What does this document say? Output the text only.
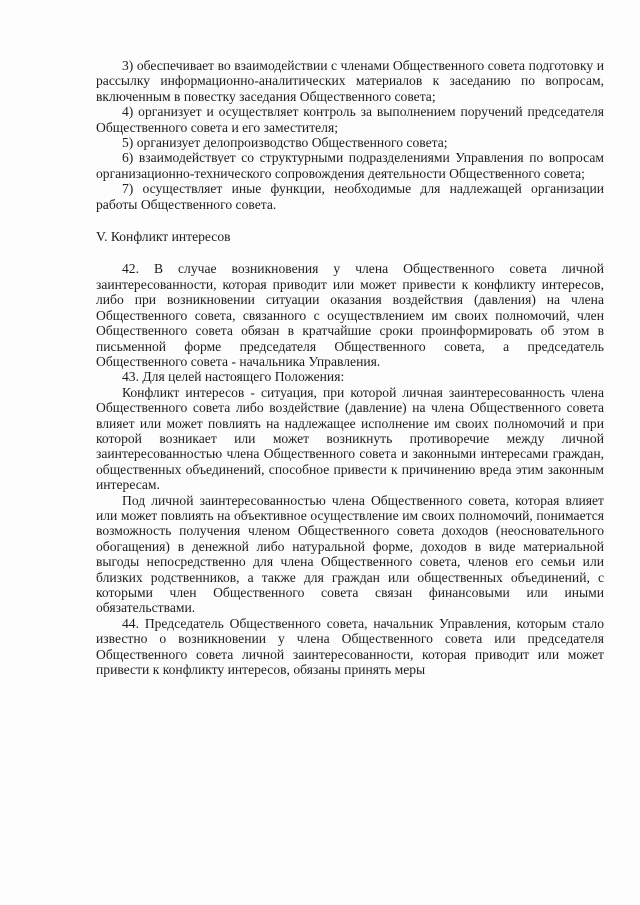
3) обеспечивает во взаимодействии с членами Общественного совета подготовку и рассылку информационно-аналитических материалов к заседанию по вопросам, включенным в повестку заседания Общественного совета;

4) организует и осуществляет контроль за выполнением поручений председателя Общественного совета и его заместителя;

5) организует делопроизводство Общественного совета;

6) взаимодействует со структурными подразделениями Управления по вопросам организационно-технического сопровождения деятельности Общественного совета;

7) осуществляет иные функции, необходимые для надлежащей организации работы Общественного совета.

V. Конфликт интересов

42. В случае возникновения у члена Общественного совета личной заинтересованности, которая приводит или может привести к конфликту интересов, либо при возникновении ситуации оказания воздействия (давления) на члена Общественного совета, связанного с осуществлением им своих полномочий, член Общественного совета обязан в кратчайшие сроки проинформировать об этом в письменной форме председателя Общественного совета, а председатель Общественного совета - начальника Управления.

43. Для целей настоящего Положения:

Конфликт интересов - ситуация, при которой личная заинтересованность члена Общественного совета либо воздействие (давление) на члена Общественного совета влияет или может повлиять на надлежащее исполнение им своих полномочий и при которой возникает или может возникнуть противоречие между личной заинтересованностью члена Общественного совета и законными интересами граждан, общественных объединений, способное привести к причинению вреда этим законным интересам.

Под личной заинтересованностью члена Общественного совета, которая влияет или может повлиять на объективное осуществление им своих полномочий, понимается возможность получения членом Общественного совета доходов (неосновательного обогащения) в денежной либо натуральной форме, доходов в виде материальной выгоды непосредственно для члена Общественного совета, членов его семьи или близких родственников, а также для граждан или общественных объединений, с которыми член Общественного совета связан финансовыми или иными обязательствами.

44. Председатель Общественного совета, начальник Управления, которым стало известно о возникновении у члена Общественного совета или председателя Общественного совета личной заинтересованности, которая приводит или может привести к конфликту интересов, обязаны принять меры
